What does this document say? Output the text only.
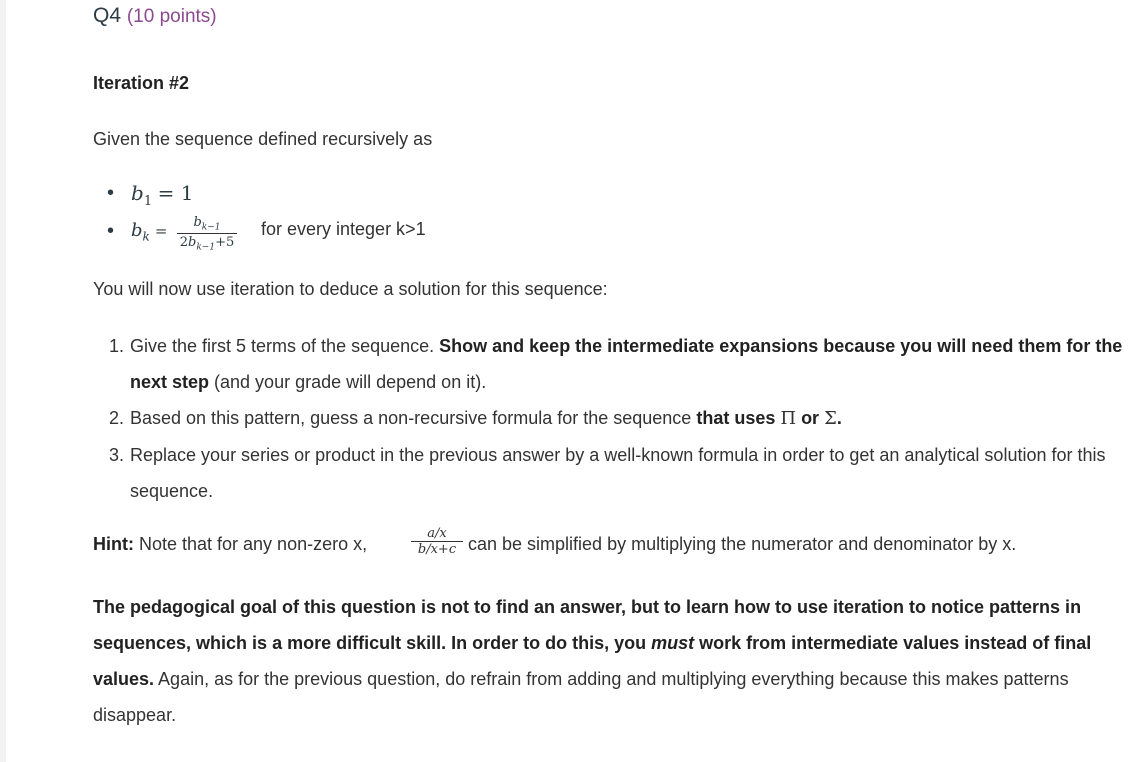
Q4 (10 points)
Iteration #2
Given the sequence defined recursively as
• $b_1 = 1$
• $b_k = \frac{b_{k-1}}{2b_{k-1}+5}$ for every integer k>1
You will now use iteration to deduce a solution for this sequence:
1. Give the first 5 terms of the sequence. Show and keep the intermediate expansions because you will need them for the next step (and your grade will depend on it).
2. Based on this pattern, guess a non-recursive formula for the sequence that uses Π or Σ.
3. Replace your series or product in the previous answer by a well-known formula in order to get an analytical solution for this sequence.
Hint: Note that for any non-zero x,	$\frac{a/x}{b/x+c}$ can be simplified by multiplying the numerator and denominator by x.
The pedagogical goal of this question is not to find an answer, but to learn how to use iteration to notice patterns in sequences, which is a more difficult skill. In order to do this, you must work from intermediate values instead of final values. Again, as for the previous question, do refrain from adding and multiplying everything because this makes patterns disappear.
